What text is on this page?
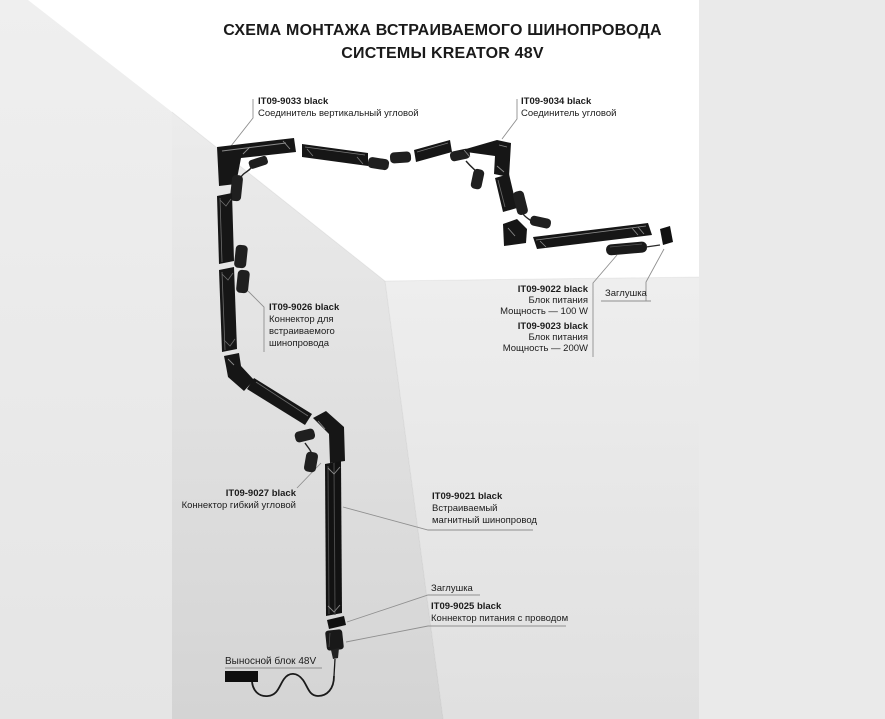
СХЕМА МОНТАЖА ВСТРАИВАЕМОГО ШИНОПРОВОДА
СИСТЕМЫ KREATOR 48V
IT09-9033 black
Соединитель вертикальный угловой
IT09-9034 black
Соединитель угловой
IT09-9026 black
Коннектор для
встраиваемого
шинопровода
IT09-9022 black
Блок питания
Мощность — 100 W
IT09-9023 black
Блок питания
Мощность — 200W
Заглушка
IT09-9021 black
Встраиваемый
магнитный шинопровод
IT09-9027 black
Коннектор гибкий угловой
Заглушка
IT09-9025 black
Коннектор питания с проводом
Выносной блок 48V
